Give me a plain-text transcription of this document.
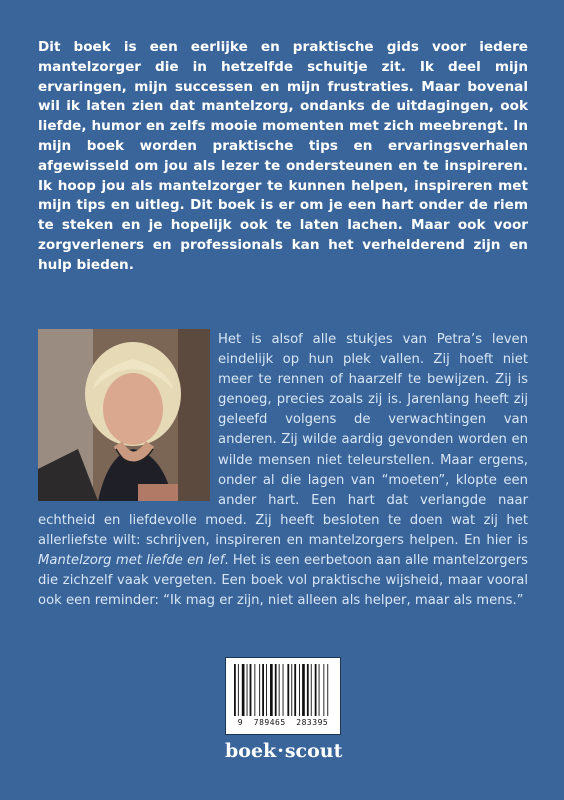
Dit boek is een eerlijke en praktische gids voor iedere mantelzorger die in hetzelfde schuitje zit. Ik deel mijn ervaringen, mijn successen en mijn frustraties. Maar bovenal wil ik laten zien dat mantelzorg, ondanks de uitdagingen, ook liefde, humor en zelfs mooie momenten met zich meebrengt. In mijn boek worden praktische tips en ervaringsverhalen afgewisseld om jou als lezer te ondersteunen en te inspireren. Ik hoop jou als mantelzorger te kunnen helpen, inspireren met mijn tips en uitleg. Dit boek is er om je een hart onder de riem te steken en je hopelijk ook te laten lachen. Maar ook voor zorgverleners en professionals kan het verhelderend zijn en hulp bieden.

Het is alsof alle stukjes van Petra’s leven eindelijk op hun plek vallen. Zij hoeft niet meer te rennen of haarzelf te bewijzen. Zij is genoeg, precies zoals zij is. Jarenlang heeft zij geleefd volgens de verwachtingen van anderen. Zij wilde aardig gevonden worden en wilde mensen niet teleurstellen. Maar ergens, onder al die lagen van “moeten”, klopte een ander hart. Een hart dat verlangde naar echtheid en liefdevolle moed. Zij heeft besloten te doen wat zij het allerliefste wilt: schrijven, inspireren en mantelzorgers helpen. En hier is Mantelzorg met liefde en lef. Het is een eerbetoon aan alle mantelzorgers die zichzelf vaak vergeten. Een boek vol praktische wijsheid, maar vooral ook een reminder: “Ik mag er zijn, niet alleen als helper, maar als mens.”

9 789465 283395
boek·scout
